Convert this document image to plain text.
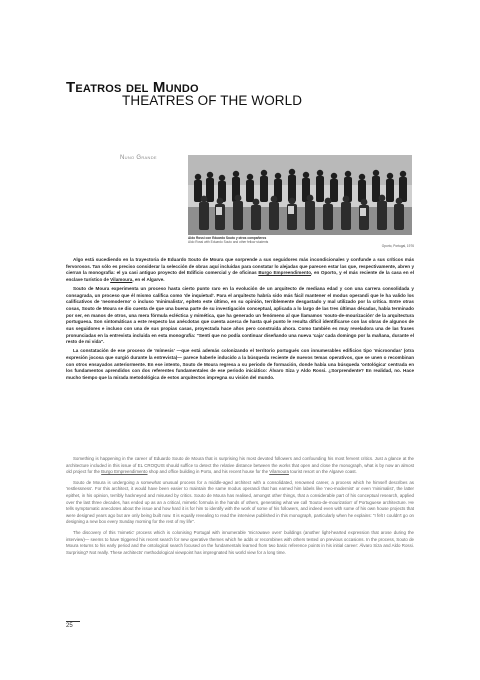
Teatros del Mundo
THEATRES OF THE WORLD
Nuno Grande
Aldo Rossi con Eduardo Souto y otros compañeros
Aldo Rossi with Eduardo Souto and other fellow students
Oporto, Portugal, 1976

Algo está sucediendo en la trayectoria de Eduardo Souto de Moura que sorprende a sus seguidores más incondicionales y confunde a sus críticos más fervorosos. Tan sólo es preciso considerar la selección de obras aquí incluidas para constatar lo alejadas que parecen estar las que, respectivamente, abren y cierran la monografía: el ya casi antiguo proyecto del Edificio comercial y de oficinas Burgo Empreendimento, en Oporto, y el más reciente de la casa en el enclave turístico de Vilamoura, en el Algarve.

Souto de Moura experimenta un proceso hasta cierto punto raro en la evolución de un arquitecto de mediana edad y con una carrera consolidada y consagrada, un proceso que él mismo califica como 'de inquietud'. Para el arquitecto habría sido más fácil mantener el modus operandi que le ha valido los calificativos de 'neomoderno' o incluso 'minimalista', epíteto este último, en su opinión, terriblemente desgastado y mal utilizado por la crítica. Entre otras cosas, Souto de Moura se dio cuenta de que una buena parte de su investigación conceptual, aplicada a lo largo de las tres últimas décadas, había terminado por ser, en manos de otros, una mera fórmula ecléctica y mimética, que ha generado un fenómeno al que llamamos 'souto-de-mourización' de la arquitectura portuguesa. Son sintomáticas a este respecto las anécdotas que cuenta acerca de hasta qué punto le resulta difícil identificarse con las obras de algunos de sus seguidores e incluso con una de sus propias casas, proyectada hace años pero construida ahora. Como también es muy reveladora una de las frases pronunciadas en la entrevista incluida en esta monografía: "Sentí que no podía continuar diseñando una nueva 'caja' cada domingo por la mañana, durante el resto de mi vida".

La constatación de ese proceso de 'mímesis' —que está además colonizando el territorio portugués con innumerables edificios tipo 'microondas' (otra expresión jocosa que surgió durante la entrevista)— parece haberle inducido a la búsqueda reciente de nuevos temas operativos, que se unen o recombinan con otros ensayados anteriormente. En ese intento, Souto de Moura regresa a su periodo de formación, donde había una búsqueda 'ontológica' centrada en los fundamentos aprendidos con dos referentes fundamentales de ese periodo iniciático: Álvaro Siza y Aldo Rossi. ¿Sorprendente? En realidad, no. Hace mucho tiempo que la mirada metodológica de estos arquitectos impregna su visión del mundo.

Something is happening in the career of Eduardo Souto de Moura that is surprising his most devoted followers and confounding his most fervent critics. Just a glance at the architecture included in this issue of EL CROQUIS should suffice to detect the relative distance between the works that open and close the monograph, what is by now an almost old project for the Burgo Empreendimento shop and office building in Porto, and his recent house for the Vilamoura tourist resort on the Algarve coast.

Souto de Moura is undergoing a somewhat unusual process for a middle-aged architect with a consolidated, renowned career, a process which he himself describes as 'restlessness'. For this architect, it would have been easier to maintain the same modus operandi that has earned him labels like 'neo-modernist' or even 'minimalist', the latter epithet, in his opinion, terribly hackneyed and misused by critics. Souto de Moura has realised, amongst other things, that a considerable part of his conceptual research, applied over the last three decades, has ended up as an a critical, mimetic formula in the hands of others, generating what we call 'Souto-de-mourization' of Portuguese architecture. He tells symptomatic anecdotes about the issue and how hard it is for him to identify with the work of some of his followers, and indeed even with some of his own house projects that were designed years ago but are only being built now. It is equally revealing to read the interview published in this monograph, particularly when he explains: "I felt I couldn't go on designing a new box every Sunday morning for the rest of my life".

The discovery of this 'mimetic' process which is colonising Portugal with innumerable 'microwave oven' buildings (another light-hearted expression that arose during the interview)— seems to have triggered his recent search for new operative themes which he adds or recombines with others tested on previous occasions. In the process, Souto de Moura returns to his early period and the ontological search focused on the fundamentals learned from two basic reference points in his initial career: Álvaro Siza and Aldo Rossi. Surprising? Not really. These architects' methodological viewpoint has impregnated his world view for a long time.

25
